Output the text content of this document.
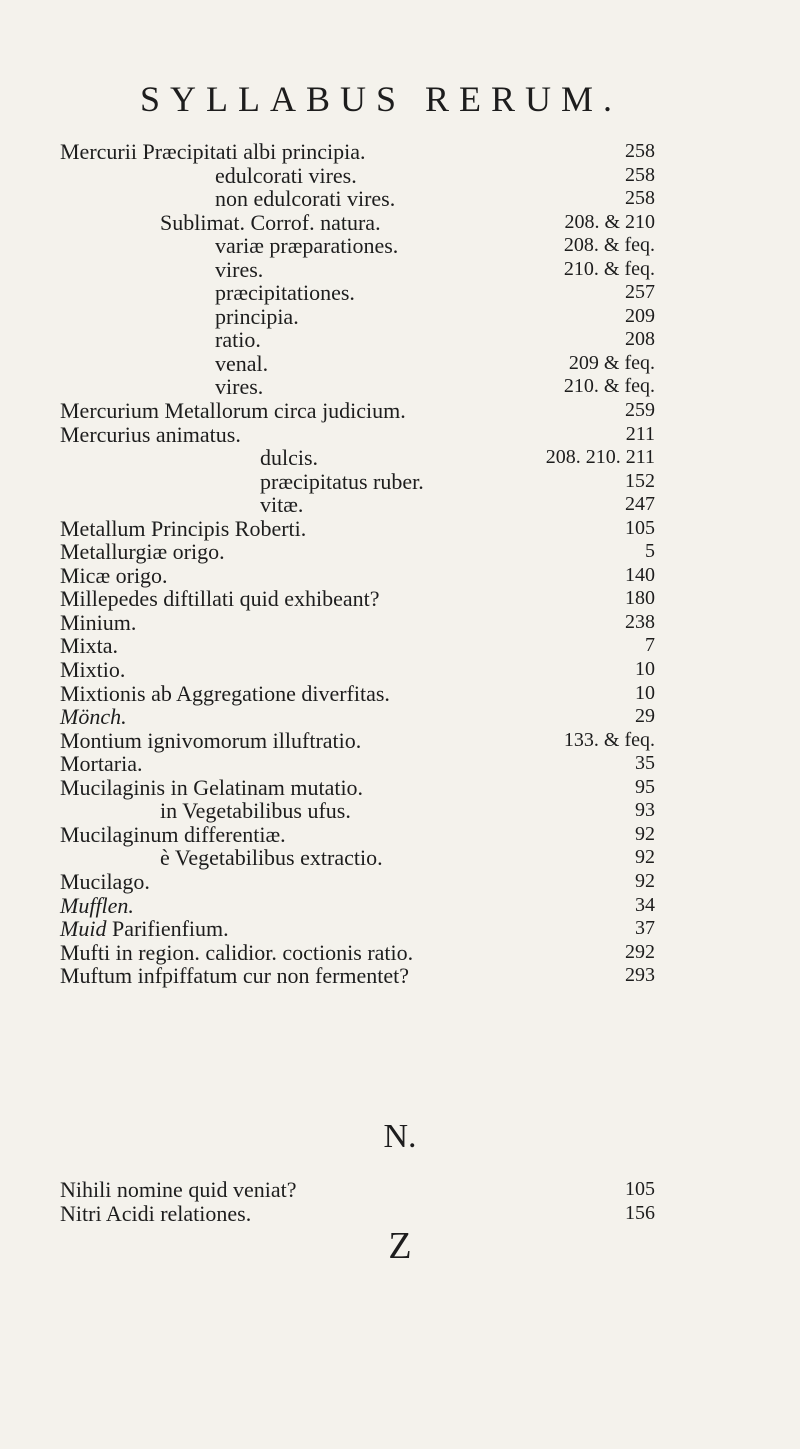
SYLLABUS RERUM.
Mercurii Præcipitati albi principia.	258
edulcorati vires.	258
non edulcorati vires.	258
Sublimat. Corrof. natura.	208. & 210
variæ præparationes.	208. & feq.
vires.	210. & feq.
præcipitationes.	257
principia.	209
ratio.	208
venal.	209 & feq.
vires.	210. & feq.
Mercurium Metallorum circa judicium.	259
Mercurius animatus.	211
dulcis.	208. 210. 211
præcipitatus ruber.	152
vitæ.	247
Metallum Principis Roberti.	105
Metallurgiæ origo.	5
Micæ origo.	140
Millepedes diftillati quid exhibeant?	180
Minium.	238
Mixta.	7
Mixtio.	10
Mixtionis ab Aggregatione diverfitas.	10
Mönch.	29
Montium ignivomorum illuftratio.	133. & feq.
Mortaria.	35
Mucilaginis in Gelatinam mutatio.	95
in Vegetabilibus ufus.	93
Mucilaginum differentiæ.	92
è Vegetabilibus extractio.	92
Mucilago.	92
Mufflen.	34
Muid Parifienfium.	37
Mufti in region. calidior. coctionis ratio.	292
Muftum infpiffatum cur non fermentet?	293
N.
Nihili nomine quid veniat?	105
Nitri Acidi relationes.	156
Z
